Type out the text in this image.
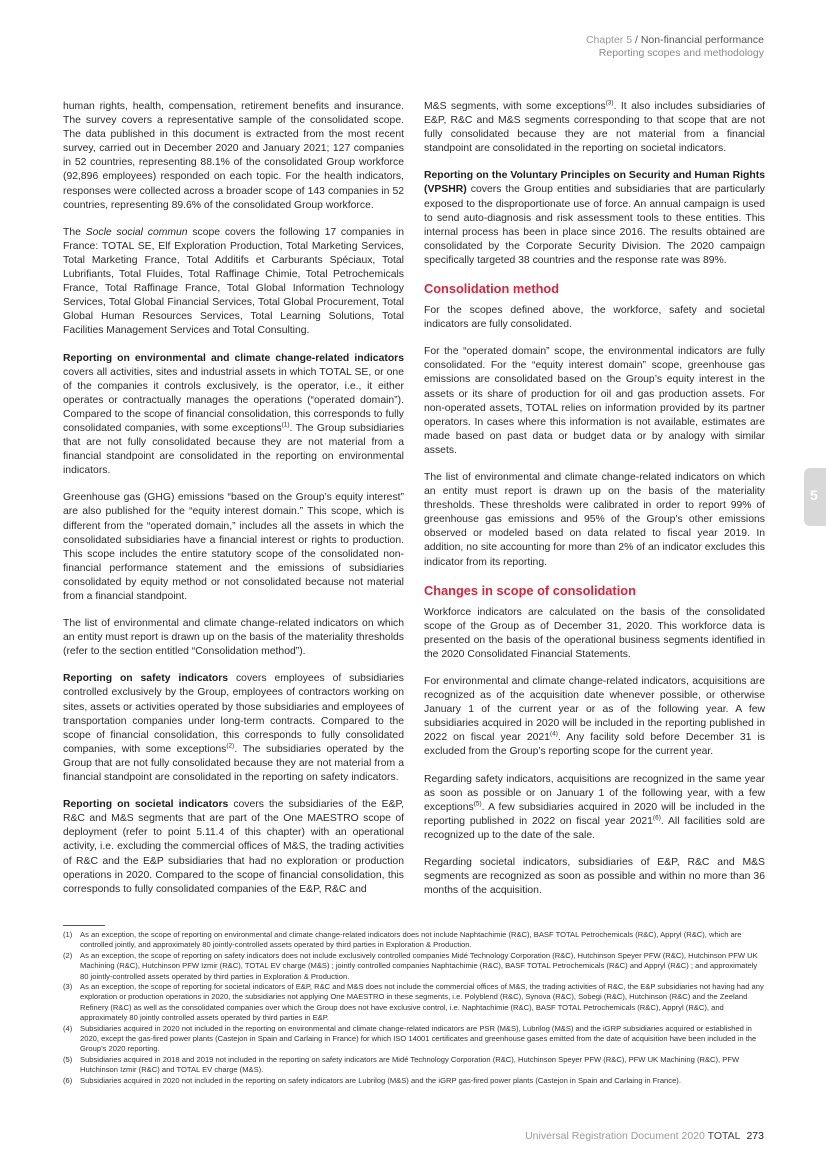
Chapter 5 / Non-financial performance
Reporting scopes and methodology

human rights, health, compensation, retirement benefits and insurance. The survey covers a representative sample of the consolidated scope. The data published in this document is extracted from the most recent survey, carried out in December 2020 and January 2021; 127 companies in 52 countries, representing 88.1% of the consolidated Group workforce (92,896 employees) responded on each topic. For the health indicators, responses were collected across a broader scope of 143 companies in 52 countries, representing 89.6% of the consolidated Group workforce.

The Socle social commun scope covers the following 17 companies in France: TOTAL SE, Elf Exploration Production, Total Marketing Services, Total Marketing France, Total Additifs et Carburants Spéciaux, Total Lubrifiants, Total Fluides, Total Raffinage Chimie, Total Petrochemicals France, Total Raffinage France, Total Global Information Technology Services, Total Global Financial Services, Total Global Procurement, Total Global Human Resources Services, Total Learning Solutions, Total Facilities Management Services and Total Consulting.

Reporting on environmental and climate change-related indicators covers all activities, sites and industrial assets in which TOTAL SE, or one of the companies it controls exclusively, is the operator, i.e., it either operates or contractually manages the operations (“operated domain”). Compared to the scope of financial consolidation, this corresponds to fully consolidated companies, with some exceptions$^{(1)}$. The Group subsidiaries that are not fully consolidated because they are not material from a financial standpoint are consolidated in the reporting on environmental indicators.

Greenhouse gas (GHG) emissions “based on the Group’s equity interest” are also published for the “equity interest domain.” This scope, which is different from the “operated domain,” includes all the assets in which the consolidated subsidiaries have a financial interest or rights to production. This scope includes the entire statutory scope of the consolidated non-financial performance statement and the emissions of subsidiaries consolidated by equity method or not consolidated because not material from a financial standpoint.

The list of environmental and climate change-related indicators on which an entity must report is drawn up on the basis of the materiality thresholds (refer to the section entitled “Consolidation method”).

Reporting on safety indicators covers employees of subsidiaries controlled exclusively by the Group, employees of contractors working on sites, assets or activities operated by those subsidiaries and employees of transportation companies under long-term contracts. Compared to the scope of financial consolidation, this corresponds to fully consolidated companies, with some exceptions$^{(2)}$. The subsidiaries operated by the Group that are not fully consolidated because they are not material from a financial standpoint are consolidated in the reporting on safety indicators.

Reporting on societal indicators covers the subsidiaries of the E&P, R&C and M&S segments that are part of the One MAESTRO scope of deployment (refer to point 5.11.4 of this chapter) with an operational activity, i.e. excluding the commercial offices of M&S, the trading activities of R&C and the E&P subsidiaries that had no exploration or production operations in 2020. Compared to the scope of financial consolidation, this corresponds to fully consolidated companies of the E&P, R&C and

M&S segments, with some exceptions$^{(3)}$. It also includes subsidiaries of E&P, R&C and M&S segments corresponding to that scope that are not fully consolidated because they are not material from a financial standpoint are consolidated in the reporting on societal indicators.

Reporting on the Voluntary Principles on Security and Human Rights (VPSHR) covers the Group entities and subsidiaries that are particularly exposed to the disproportionate use of force. An annual campaign is used to send auto-diagnosis and risk assessment tools to these entities. This internal process has been in place since 2016. The results obtained are consolidated by the Corporate Security Division. The 2020 campaign specifically targeted 38 countries and the response rate was 89%.

Consolidation method

For the scopes defined above, the workforce, safety and societal indicators are fully consolidated.

For the “operated domain” scope, the environmental indicators are fully consolidated. For the “equity interest domain” scope, greenhouse gas emissions are consolidated based on the Group’s equity interest in the assets or its share of production for oil and gas production assets. For non-operated assets, TOTAL relies on information provided by its partner operators. In cases where this information is not available, estimates are made based on past data or budget data or by analogy with similar assets.

The list of environmental and climate change-related indicators on which an entity must report is drawn up on the basis of the materiality thresholds. These thresholds were calibrated in order to report 99% of greenhouse gas emissions and 95% of the Group’s other emissions observed or modeled based on data related to fiscal year 2019. In addition, no site accounting for more than 2% of an indicator excludes this indicator from its reporting.

Changes in scope of consolidation

Workforce indicators are calculated on the basis of the consolidated scope of the Group as of December 31, 2020. This workforce data is presented on the basis of the operational business segments identified in the 2020 Consolidated Financial Statements.

For environmental and climate change-related indicators, acquisitions are recognized as of the acquisition date whenever possible, or otherwise January 1 of the current year or as of the following year. A few subsidiaries acquired in 2020 will be included in the reporting published in 2022 on fiscal year 2021$^{(4)}$. Any facility sold before December 31 is excluded from the Group’s reporting scope for the current year.

Regarding safety indicators, acquisitions are recognized in the same year as soon as possible or on January 1 of the following year, with a few exceptions$^{(5)}$. A few subsidiaries acquired in 2020 will be included in the reporting published in 2022 on fiscal year 2021$^{(6)}$. All facilities sold are recognized up to the date of the sale.

Regarding societal indicators, subsidiaries of E&P, R&C and M&S segments are recognized as soon as possible and within no more than 36 months of the acquisition.

5
(1)	As an exception, the scope of reporting on environmental and climate change-related indicators does not include Naphtachimie (R&C), BASF TOTAL Petrochemicals (R&C), Appryl (R&C), which are controlled jointly, and approximately 80 jointly-controlled assets operated by third parties in Exploration & Production.
(2)	As an exception, the scope of reporting on safety indicators does not include exclusively controlled companies Midé Technology Corporation (R&C), Hutchinson Speyer PFW (R&C), Hutchinson PFW UK Machining (R&C), Hutchinson PFW Izmir (R&C), TOTAL EV charge (M&S) ; jointly controlled companies Naphtachimie (R&C), BASF TOTAL Petrochemicals (R&C) and Appryl (R&C) ; and approximately 80 jointly-controlled assets operated by third parties in Exploration & Production.
(3)	As an exception, the scope of reporting for societal indicators of E&P, R&C and M&S does not include the commercial offices of M&S, the trading activities of R&C, the E&P subsidiaries not having had any exploration or production operations in 2020, the subsidiaries not applying One MAESTRO in these segments, i.e. Polyblend (R&C), Synova (R&C), Sobegi (R&C), Hutchinson (R&C) and the Zeeland Refinery (R&C) as well as the consolidated companies over which the Group does not have exclusive control, i.e. Naphtachimie (R&C), BASF TOTAL Petrochemicals (R&C), Appryl (R&C), and approximately 80 jointly controlled assets operated by third parties in E&P.
(4)	Subsidiaries acquired in 2020 not included in the reporting on environmental and climate change-related indicators are PSR (M&S), Lubrilog (M&S) and the iGRP subsidiaries acquired or established in 2020, except the gas-fired power plants (Castejon in Spain and Carlaing in France) for which ISO 14001 certificates and greenhouse gases emitted from the date of acquisition have been included in the Group’s 2020 reporting.
(5)	Subsidiaries acquired in 2018 and 2019 not included in the reporting on safety indicators are Midé Technology Corporation (R&C), Hutchinson Speyer PFW (R&C), PFW UK Machining (R&C), PFW Hutchinson Izmir (R&C) and TOTAL EV charge (M&S).
(6)	Subsidiaries acquired in 2020 not included in the reporting on safety indicators are Lubrilog (M&S) and the iGRP gas-fired power plants (Castejon in Spain and Carlaing in France).
Universal Registration Document 2020 TOTAL 273
